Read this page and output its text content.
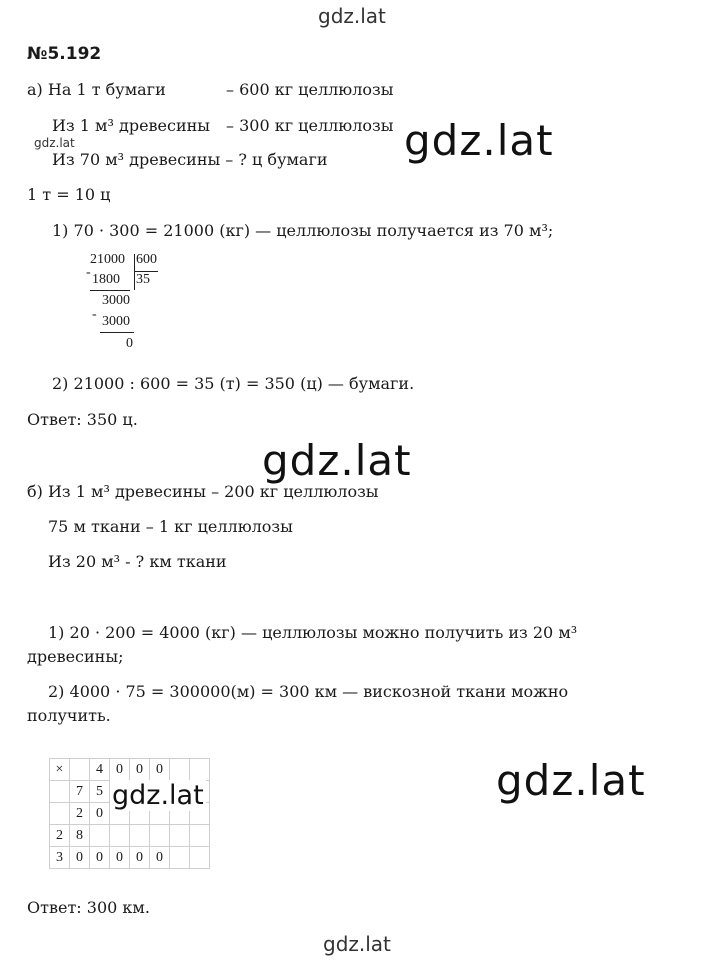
gdz.lat
№5.192
а) На 1 т бумаги	– 600 кг целлюлозы
Из 1 м³ древесины – 300 кг целлюлозы
gdz.lat
Из 70 м³ древесины – ? ц бумаги gdz.lat
1 т = 10 ц
1) 70 · 300 = 21000 (кг) — целлюлозы получается из 70 м³;
21000 600
- 1800 35
3000
- 3000
0
2) 21000 : 600 = 35 (т) = 350 (ц) — бумаги.
Ответ: 350 ц.
gdz.lat
б) Из 1 м³ древесины – 200 кг целлюлозы
75 м ткани – 1 кг целлюлозы
Из 20 м³ - ? км ткани
1) 20 · 200 = 4000 (кг) — целлюлозы можно получить из 20 м³
древесины;
2) 4000 · 75 = 300000(м) = 300 км — вискозной ткани можно
получить.
×		4	0	0	0		
	7	5					
	2	0					
2	8						
3	0	0	0	0	0		
gdz.lat	gdz.lat
Ответ: 300 км.
gdz.lat
